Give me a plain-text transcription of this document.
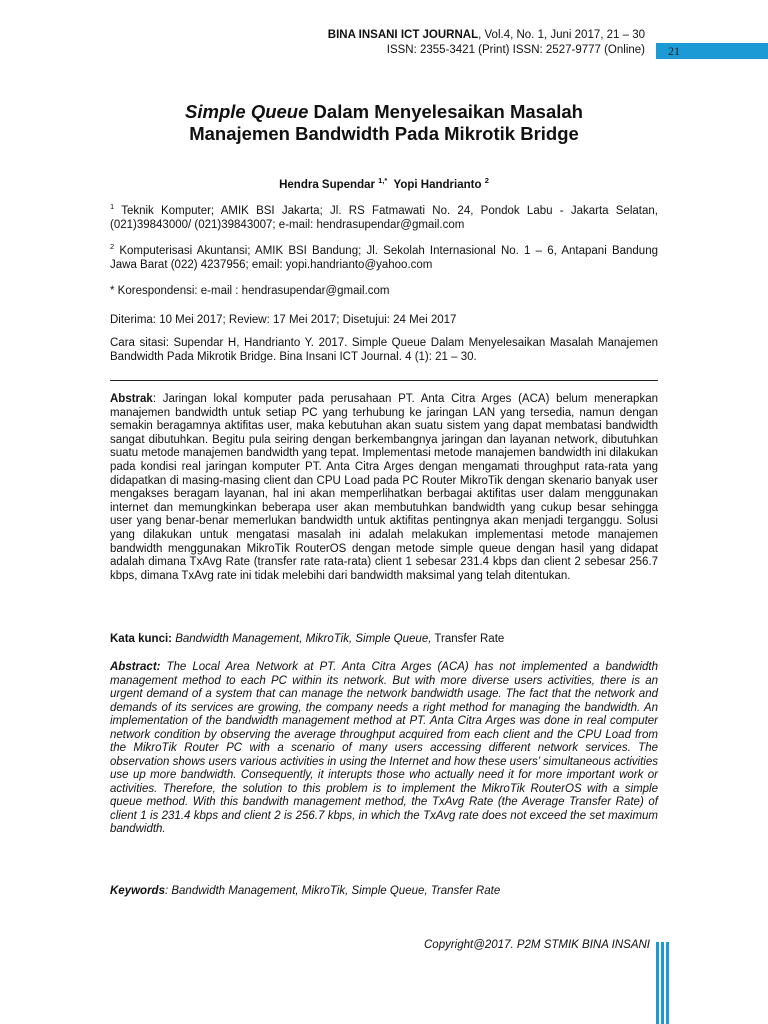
BINA INSANI ICT JOURNAL, Vol.4, No. 1, Juni 2017, 21 – 30
ISSN: 2355-3421 (Print) ISSN: 2527-9777 (Online) 21
Simple Queue Dalam Menyelesaikan Masalah
Manajemen Bandwidth Pada Mikrotik Bridge
Hendra Supendar $^{1,*}$ Yopi Handrianto $^2$
$^1$ Teknik Komputer; AMIK BSI Jakarta; Jl. RS Fatmawati No. 24, Pondok Labu - Jakarta Selatan, (021)39843000/ (021)39843007; e-mail: hendrasupendar@gmail.com
$^2$ Komputerisasi Akuntansi; AMIK BSI Bandung; Jl. Sekolah Internasional No. 1 – 6, Antapani Bandung Jawa Barat (022) 4237956; email: yopi.handrianto@yahoo.com
* Korespondensi: e-mail : hendrasupendar@gmail.com
Diterima: 10 Mei 2017; Review: 17 Mei 2017; Disetujui: 24 Mei 2017
Cara sitasi: Supendar H, Handrianto Y. 2017. Simple Queue Dalam Menyelesaikan Masalah Manajemen Bandwidth Pada Mikrotik Bridge. Bina Insani ICT Journal. 4 (1): 21 – 30.
Abstrak: Jaringan lokal komputer pada perusahaan PT. Anta Citra Arges (ACA) belum menerapkan manajemen bandwidth untuk setiap PC yang terhubung ke jaringan LAN yang tersedia, namun dengan semakin beragamnya aktifitas user, maka kebutuhan akan suatu sistem yang dapat membatasi bandwidth sangat dibutuhkan. Begitu pula seiring dengan berkembangnya jaringan dan layanan network, dibutuhkan suatu metode manajemen bandwidth yang tepat. Implementasi metode manajemen bandwidth ini dilakukan pada kondisi real jaringan komputer PT. Anta Citra Arges dengan mengamati throughput rata-rata yang didapatkan di masing-masing client dan CPU Load pada PC Router MikroTik dengan skenario banyak user mengakses beragam layanan, hal ini akan memperlihatkan berbagai aktifitas user dalam menggunakan internet dan memungkinkan beberapa user akan membutuhkan bandwidth yang cukup besar sehingga user yang benar-benar memerlukan bandwidth untuk aktifitas pentingnya akan menjadi terganggu. Solusi yang dilakukan untuk mengatasi masalah ini adalah melakukan implementasi metode manajemen bandwidth menggunakan MikroTik RouterOS dengan metode simple queue dengan hasil yang didapat adalah dimana TxAvg Rate (transfer rate rata-rata) client 1 sebesar 231.4 kbps dan client 2 sebesar 256.7 kbps, dimana TxAvg rate ini tidak melebihi dari bandwidth maksimal yang telah ditentukan.
Kata kunci: Bandwidth Management, MikroTik, Simple Queue, Transfer Rate
Abstract: The Local Area Network at PT. Anta Citra Arges (ACA) has not implemented a bandwidth management method to each PC within its network. But with more diverse users activities, there is an urgent demand of a system that can manage the network bandwidth usage. The fact that the network and demands of its services are growing, the company needs a right method for managing the bandwidth. An implementation of the bandwidth management method at PT. Anta Citra Arges was done in real computer network condition by observing the average throughput acquired from each client and the CPU Load from the MikroTik Router PC with a scenario of many users accessing different network services. The observation shows users various activities in using the Internet and how these users’ simultaneous activities use up more bandwidth. Consequently, it interupts those who actually need it for more important work or activities. Therefore, the solution to this problem is to implement the MikroTik RouterOS with a simple queue method. With this bandwith management method, the TxAvg Rate (the Average Transfer Rate) of client 1 is 231.4 kbps and client 2 is 256.7 kbps, in which the TxAvg rate does not exceed the set maximum bandwidth.
Keywords: Bandwidth Management, MikroTik, Simple Queue, Transfer Rate
Copyright@2017. P2M STMIK BINA INSANI
